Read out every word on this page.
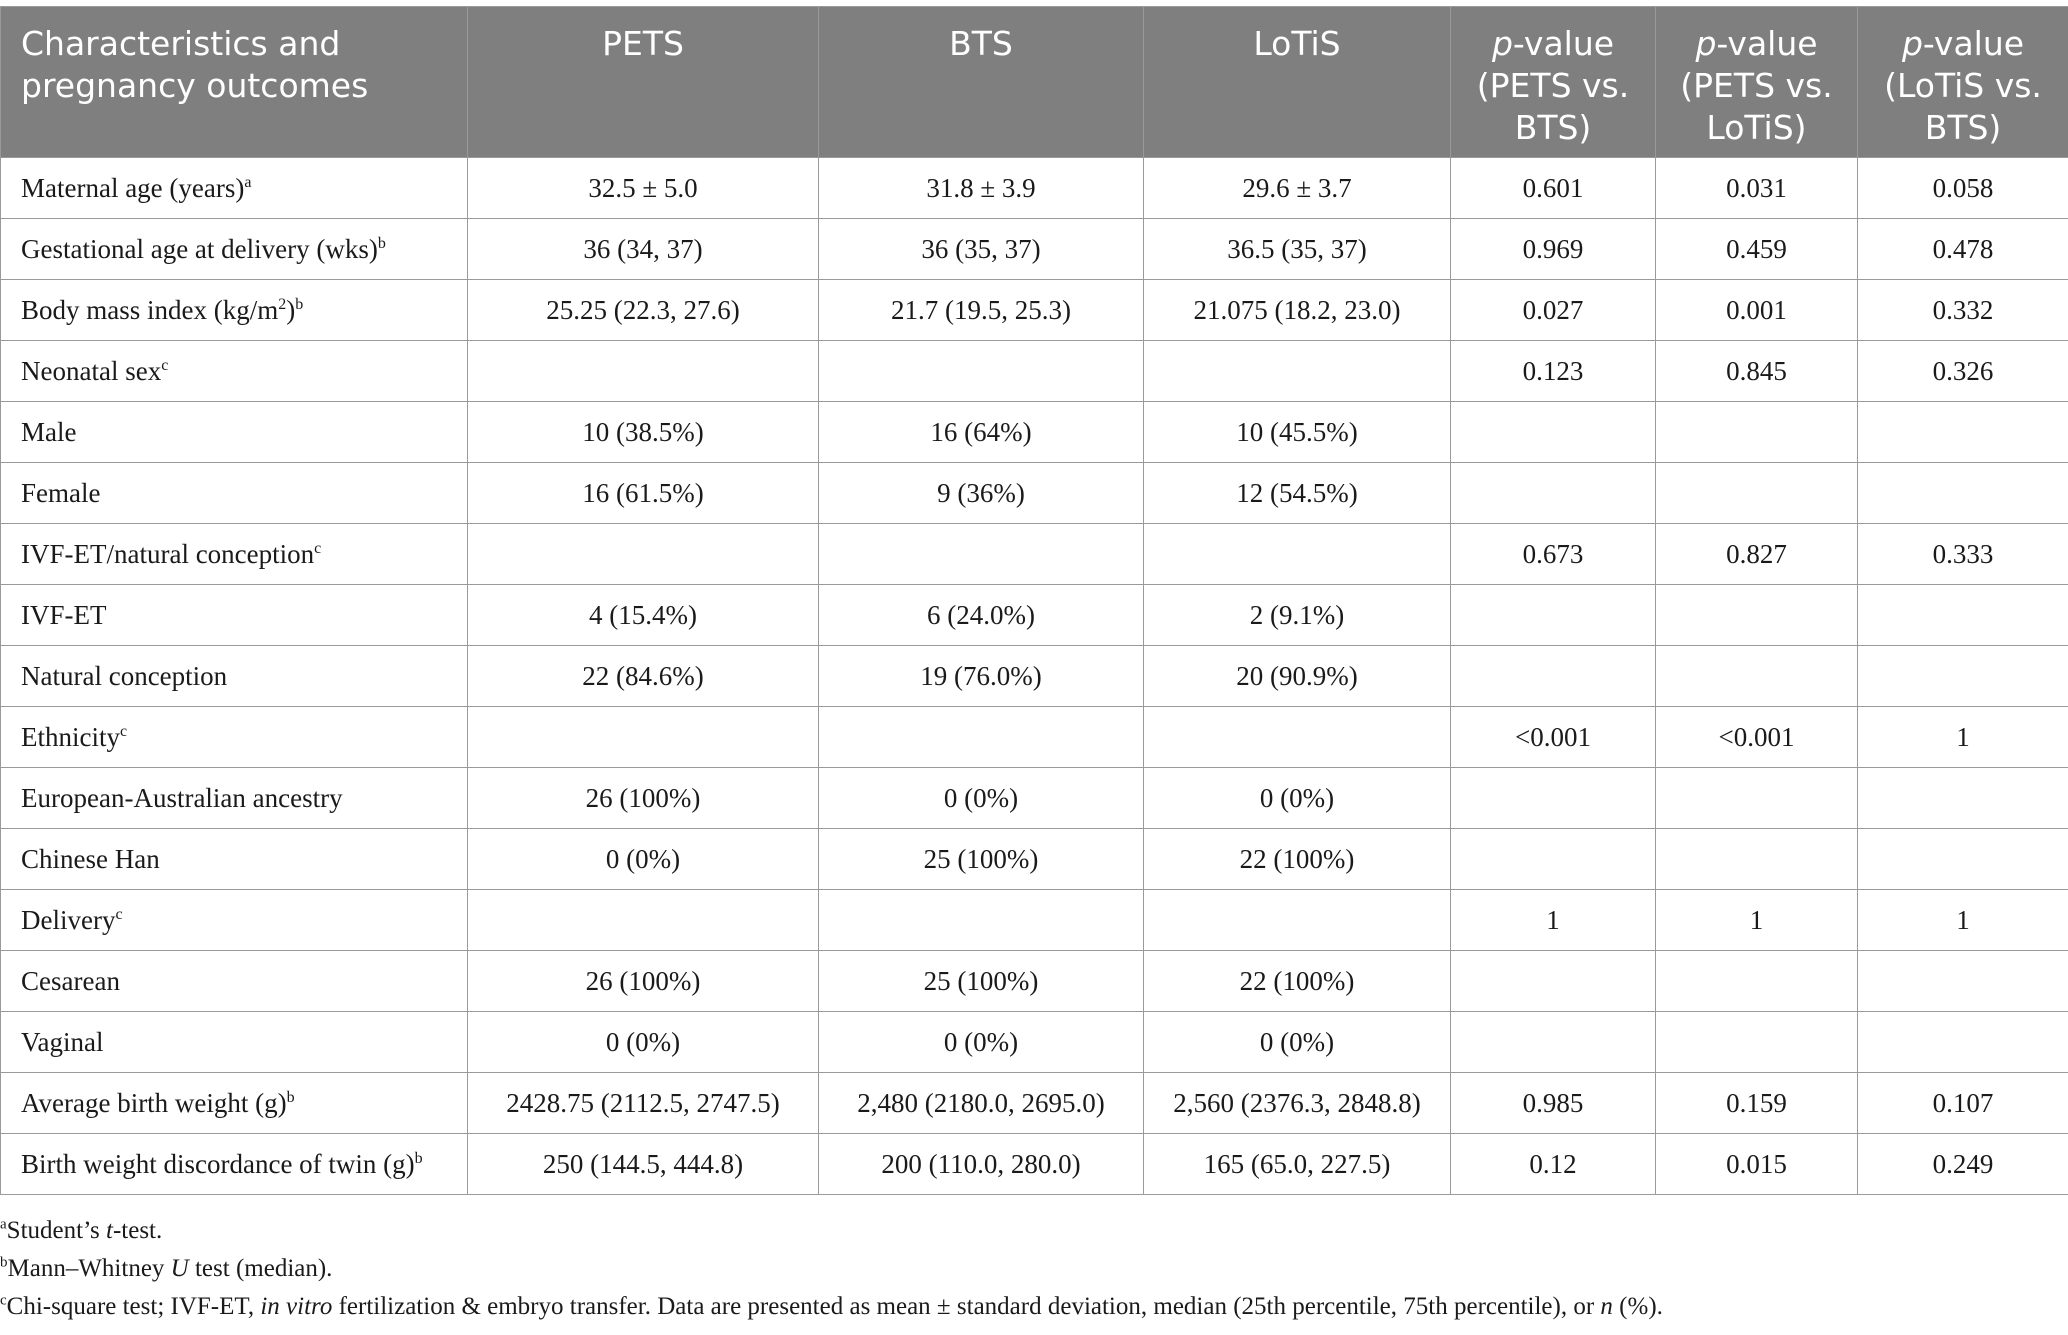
Characteristics and pregnancy outcomes	PETS	BTS	LoTiS	p-value (PETS vs. BTS)	p-value (PETS vs. LoTiS)	p-value (LoTiS vs. BTS)
Maternal age (years)$^a$	32.5 ± 5.0	31.8 ± 3.9	29.6 ± 3.7	0.601	0.031	0.058
Gestational age at delivery (wks)$^b$	36 (34, 37)	36 (35, 37)	36.5 (35, 37)	0.969	0.459	0.478
Body mass index $(kg/m^2)^b$	25.25 (22.3, 27.6)	21.7 (19.5, 25.3)	21.075 (18.2, 23.0)	0.027	0.001	0.332
Neonatal sex$^c$				0.123	0.845	0.326
Male	10 (38.5%)	16 (64%)	10 (45.5%)			
Female	16 (61.5%)	9 (36%)	12 (54.5%)			
IVF-ET/natural conception$^c$				0.673	0.827	0.333
IVF-ET	4 (15.4%)	6 (24.0%)	2 (9.1%)			
Natural conception	22 (84.6%)	19 (76.0%)	20 (90.9%)			
Ethnicity$^c$				<0.001	<0.001	1
European-Australian ancestry	26 (100%)	0 (0%)	0 (0%)			
Chinese Han	0 (0%)	25 (100%)	22 (100%)			
Delivery$^c$				1	1	1
Cesarean	26 (100%)	25 (100%)	22 (100%)			
Vaginal	0 (0%)	0 (0%)	0 (0%)			
Average birth weight $(g)^b$	2428.75 (2112.5, 2747.5)	2,480 (2180.0, 2695.0)	2,560 (2376.3, 2848.8)	0.985	0.159	0.107
Birth weight discordance of twin $(g)^b$	250 (144.5, 444.8)	200 (110.0, 280.0)	165 (65.0, 227.5)	0.12	0.015	0.249
$^a$Student’s t-test.
$^b$Mann–Whitney U test (median).
$^c$Chi-square test; IVF-ET, in vitro fertilization & embryo transfer. Data are presented as mean ± standard deviation, median (25th percentile, 75th percentile), or n (%).
